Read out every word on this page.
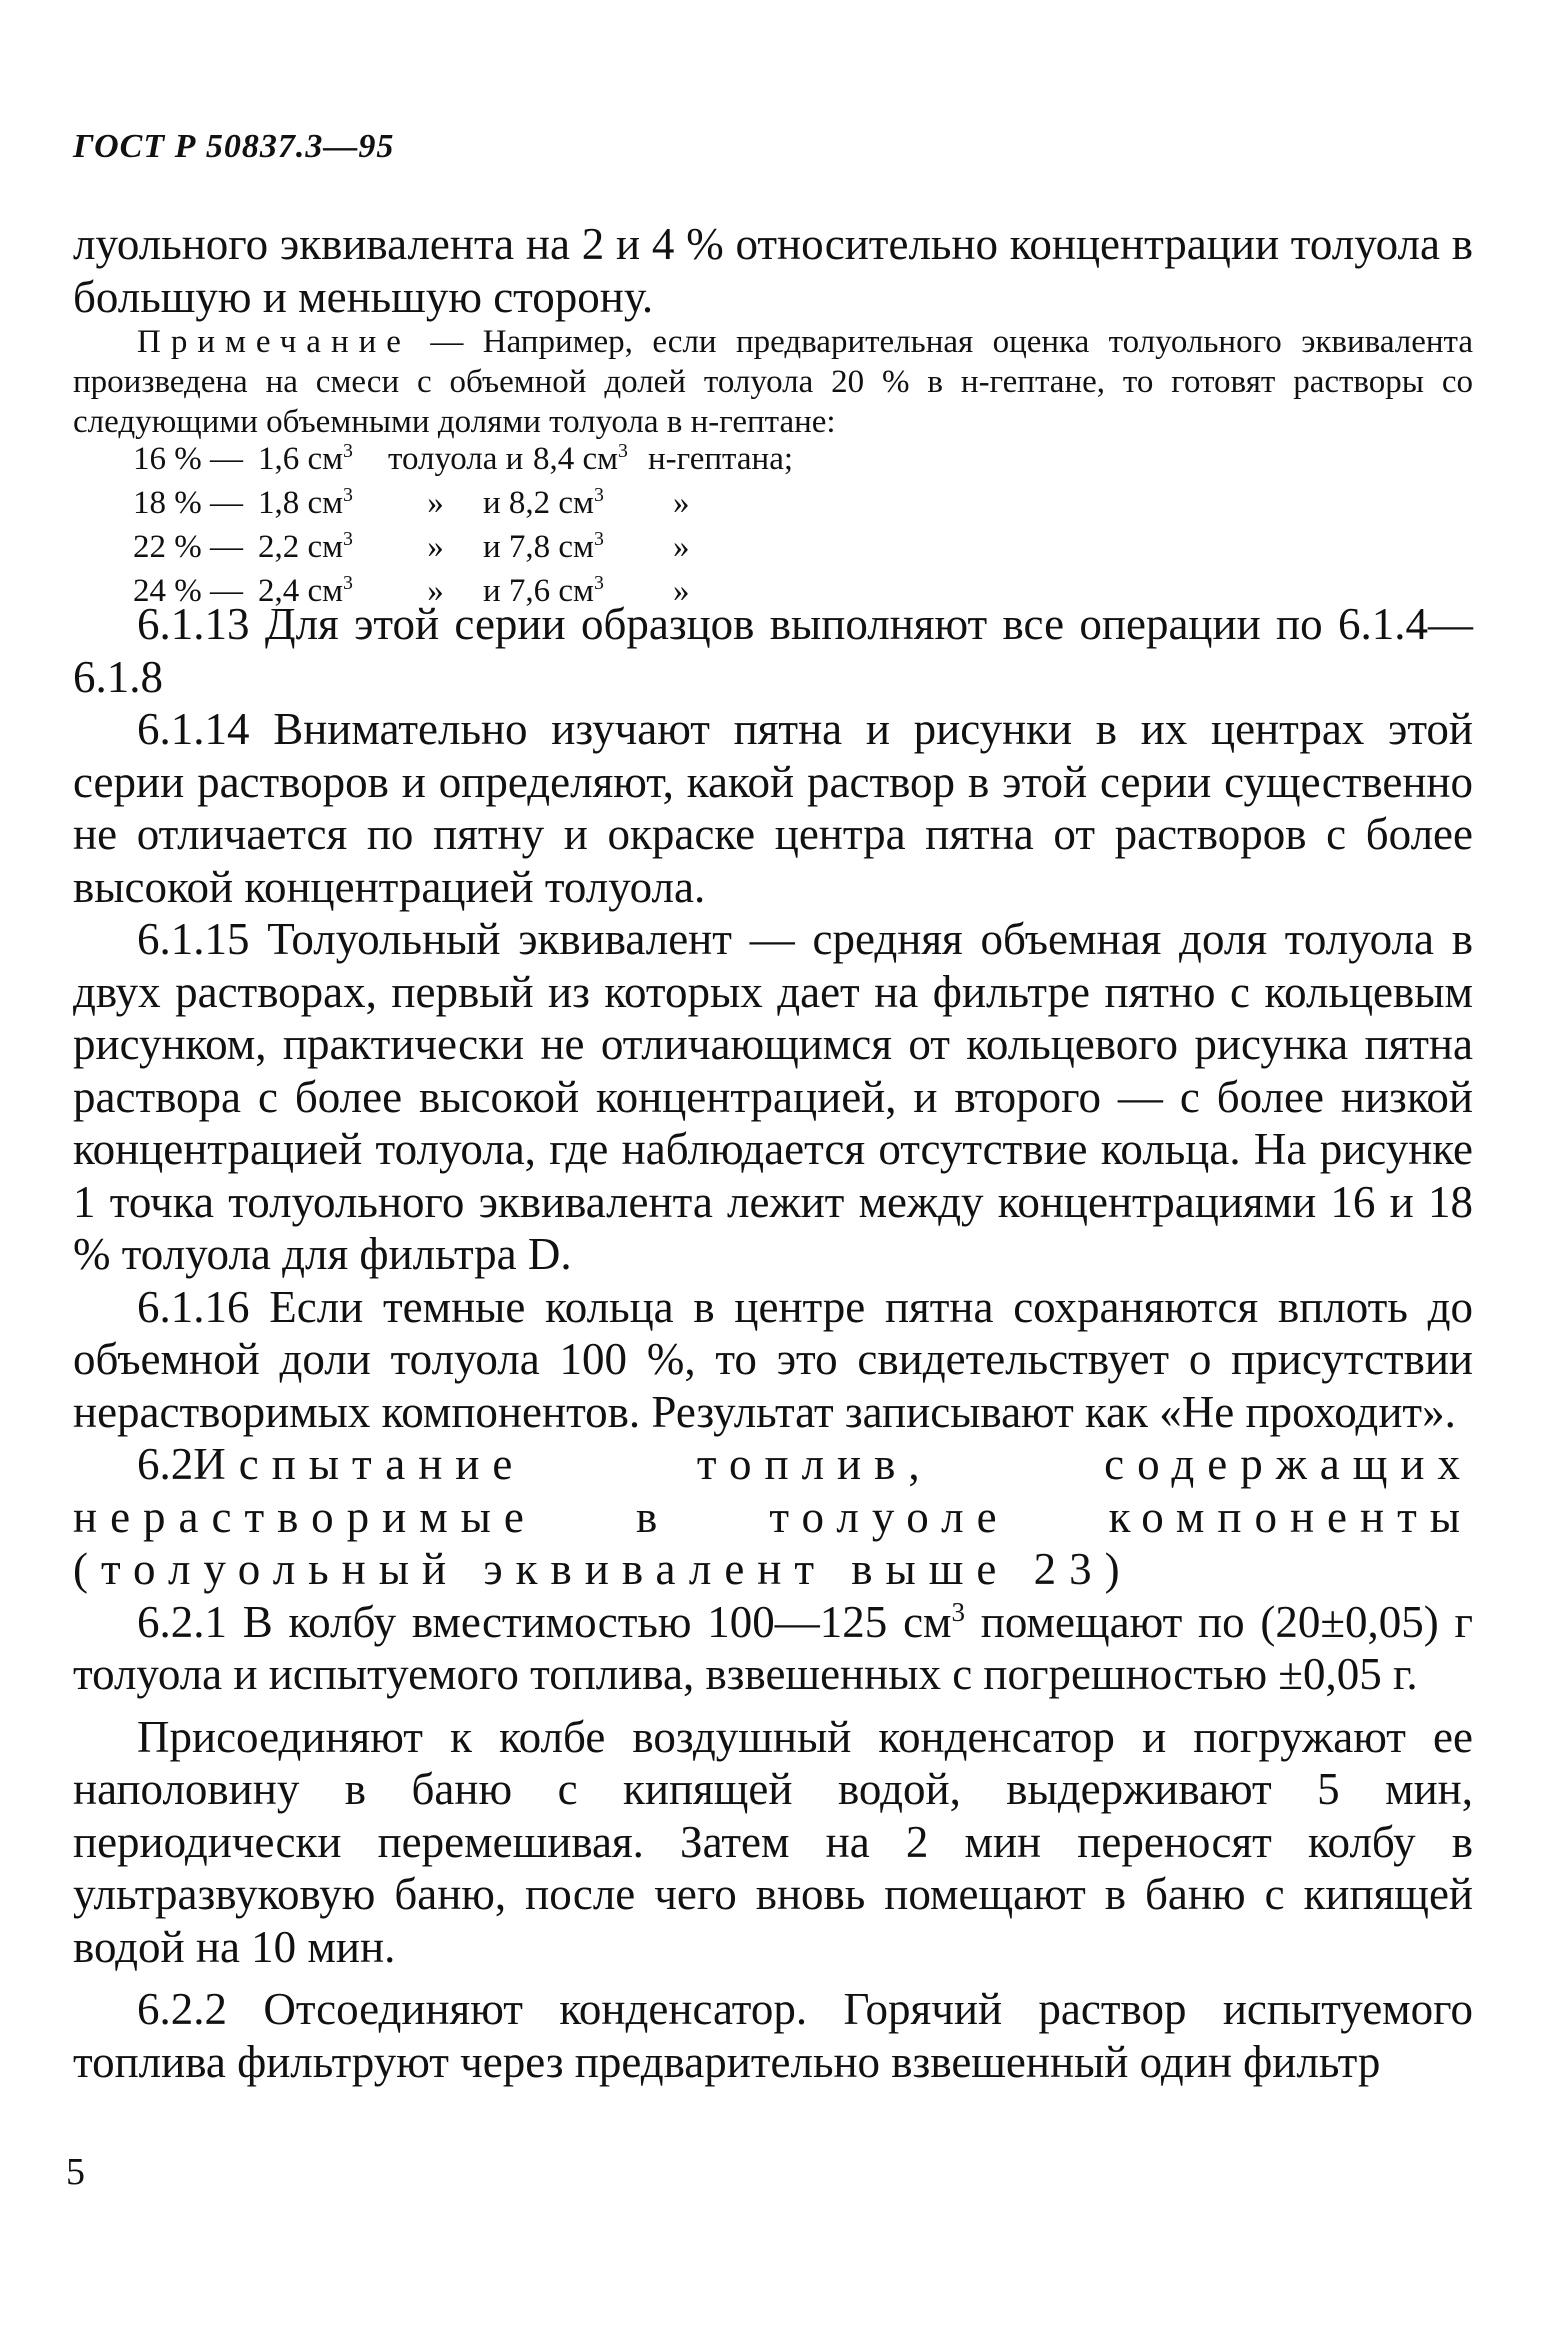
ГОСТ Р 50837.3—95

луольного эквивалента на 2 и 4 % относительно концентрации толуола в большую и меньшую сторону.

Примечание — Например, если предварительная оценка толуольного эквивалента произведена на смеси с объемной долей толуола 20 % в н-гептане, то готовят растворы со следующими объемными долями толуола в н-гептане:

16 % — 1,6 $см^3$	толуола и 8,4 $см^3$ н-гептана;
18 % — 1,8 $см^3$	»	и 8,2 $см^3$	»
22 % — 2,2 $см^3$	»	и 7,8 $см^3$	»
24 % — 2,4 $см^3$	»	и 7,6 $см^3$	»

6.1.13 Для этой серии образцов выполняют все операции по 6.1.4—6.1.8

6.1.14 Внимательно изучают пятна и рисунки в их центрах этой серии растворов и определяют, какой раствор в этой серии существенно не отличается по пятну и окраске центра пятна от растворов с более высокой концентрацией толуола.

6.1.15 Толуольный эквивалент — средняя объемная доля толуола в двух растворах, первый из которых дает на фильтре пятно с кольцевым рисунком, практически не отличающимся от кольцевого рисунка пятна раствора с более высокой концентрацией, и второго — с более низкой концентрацией толуола, где наблюдается отсутствие кольца. На рисунке 1 точка толуольного эквивалента лежит между концентрациями 16 и 18 % толуола для фильтра D.

6.1.16 Если темные кольца в центре пятна сохраняются вплоть до объемной доли толуола 100 %, то это свидетельствует о присутствии нерастворимых компонентов. Результат записывают как «Не проходит».

6.2Испытание топлив, содержащих нерастворимые в толуоле компоненты (толуольный эквивалент выше 23)

6.2.1 В колбу вместимостью 100—125 $см^3$ помещают по (20±0,05) г толуола и испытуемого топлива, взвешенных с погрешностью ±0,05 г.

Присоединяют к колбе воздушный конденсатор и погружают ее наполовину в баню с кипящей водой, выдерживают 5 мин, периодически перемешивая. Затем на 2 мин переносят колбу в ультразвуковую баню, после чего вновь помещают в баню с кипящей водой на 10 мин.

6.2.2 Отсоединяют конденсатор. Горячий раствор испытуемого топлива фильтруют через предварительно взвешенный один фильтр

5
